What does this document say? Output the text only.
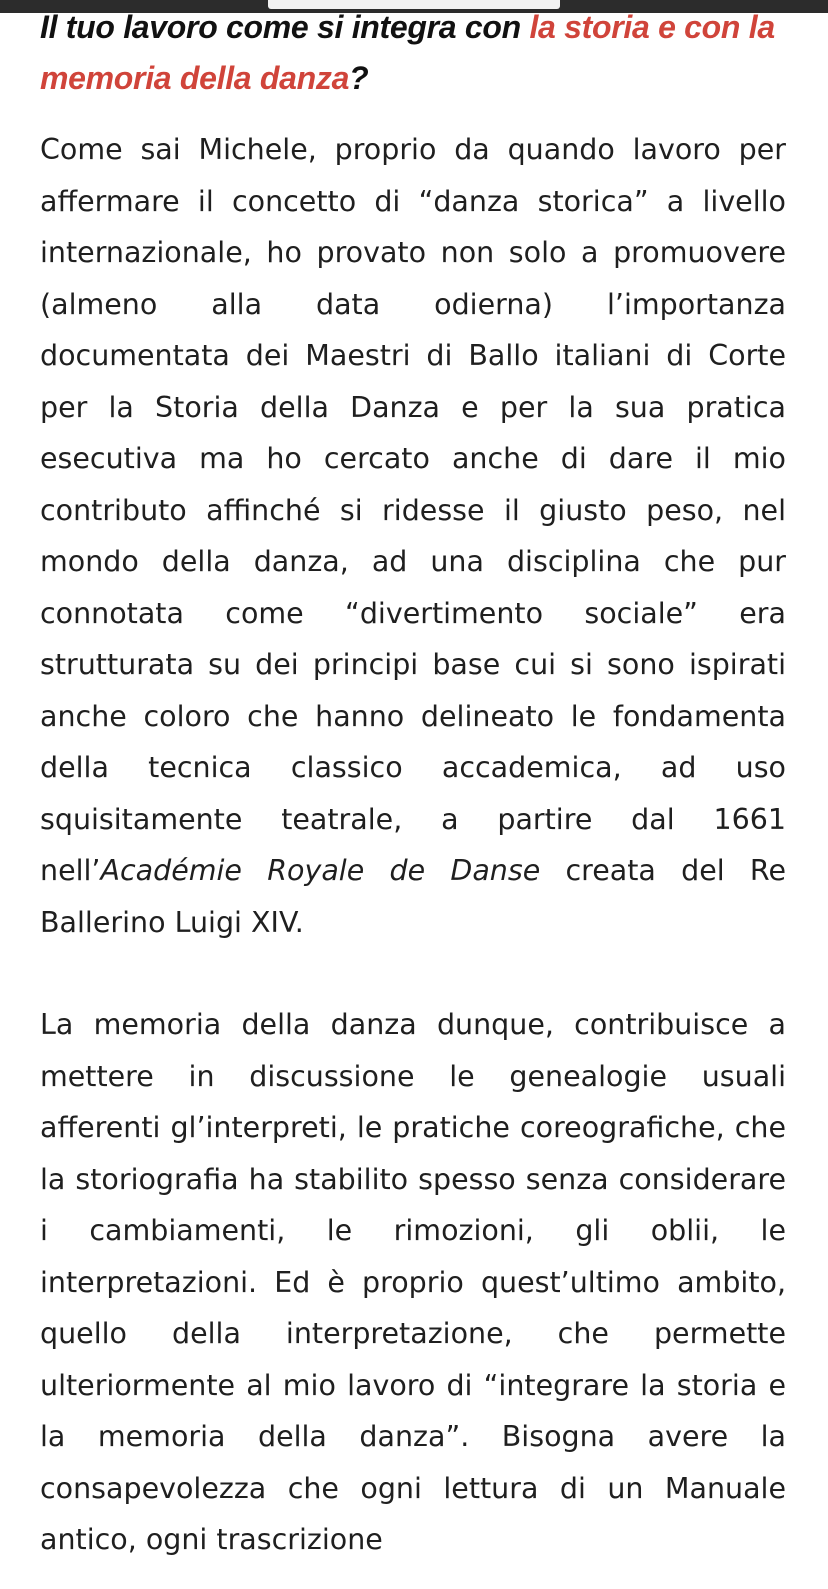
Il tuo lavoro come si integra con la storia e con la memoria della danza?

Come sai Michele, proprio da quando lavoro per affermare il concetto di “danza storica” a livello internazionale, ho provato non solo a promuovere (almeno alla data odierna) l’importanza documentata dei Maestri di Ballo italiani di Corte per la Storia della Danza e per la sua pratica esecutiva ma ho cercato anche di dare il mio contributo affinché si ridesse il giusto peso, nel mondo della danza, ad una disciplina che pur connotata come “divertimento sociale” era strutturata su dei principi base cui si sono ispirati anche coloro che hanno delineato le fondamenta della tecnica classico accademica, ad uso squisitamente teatrale, a partire dal 1661 nell’Académie Royale de Danse creata del Re Ballerino Luigi XIV.

La memoria della danza dunque, contribuisce a mettere in discussione le genealogie usuali afferenti gl’interpreti, le pratiche coreografiche, che la storiografia ha stabilito spesso senza considerare i cambiamenti, le rimozioni, gli oblii, le interpretazioni. Ed è proprio quest’ultimo ambito, quello della interpretazione, che permette ulteriormente al mio lavoro di “integrare la storia e la memoria della danza”. Bisogna avere la consapevolezza che ogni lettura di un Manuale antico, ogni trascrizione
